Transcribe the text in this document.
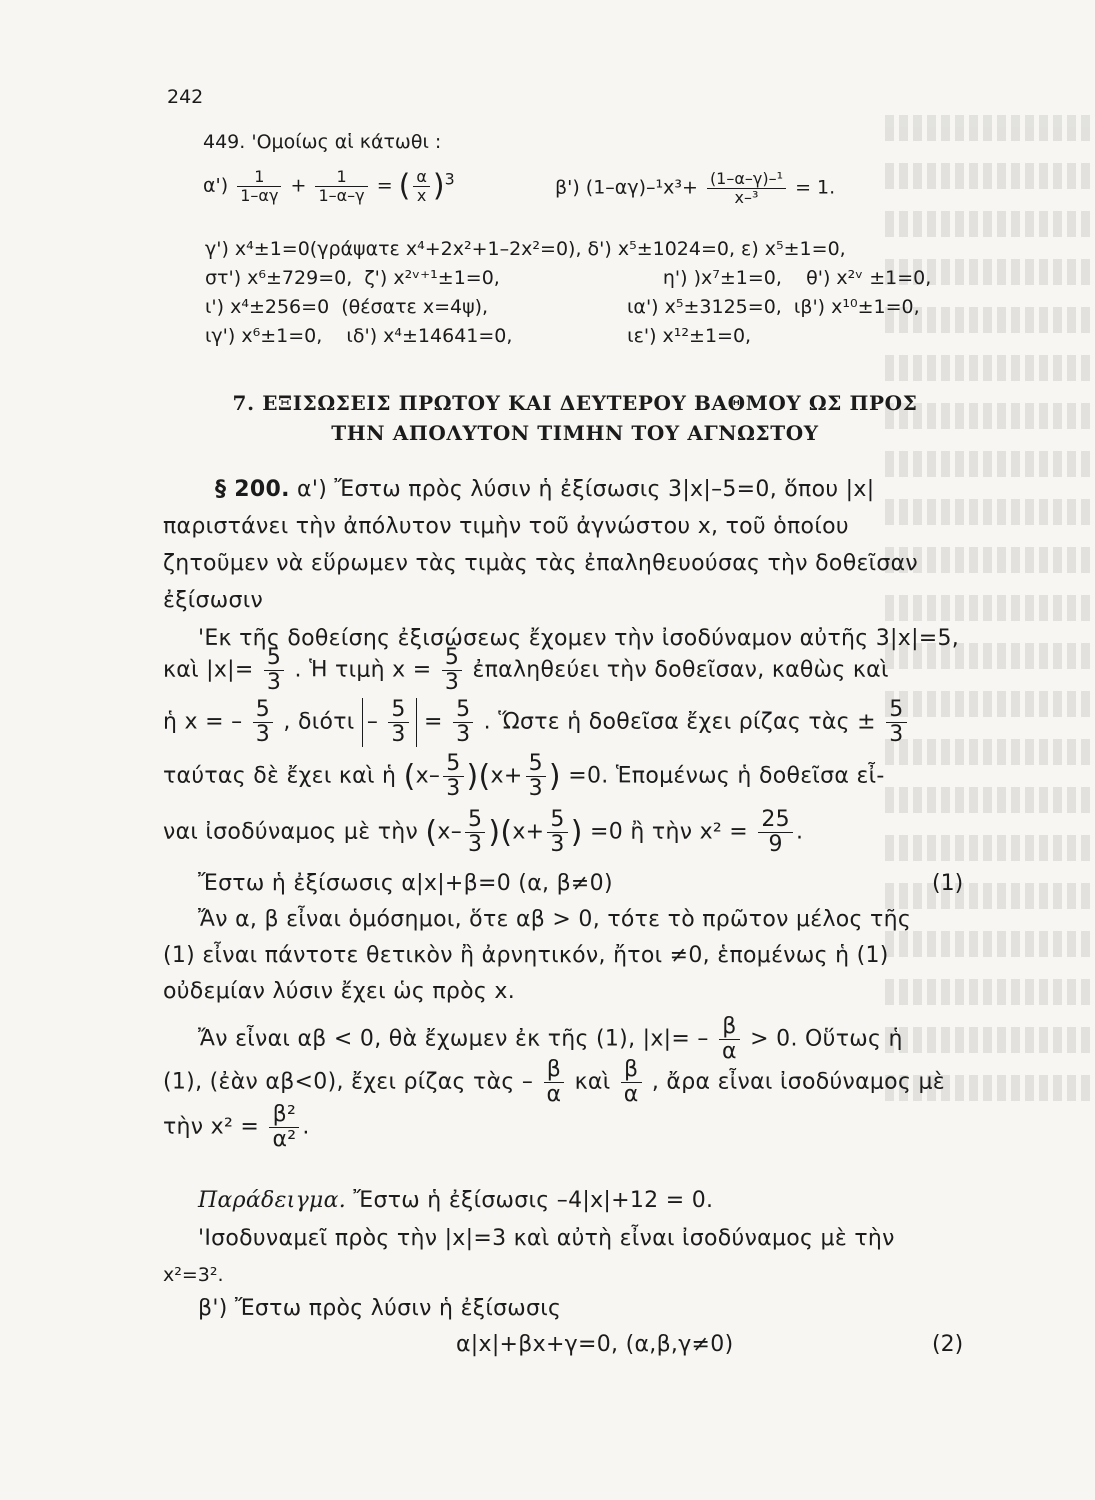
242
449. 'Ομοίως αἱ κάτωθι :
$\alpha') \frac{1}{1-\alpha\gamma} + \frac{1}{1-\alpha-\gamma}$ = ( $\frac{\alpha}{x} )^3$	β') $(1-\alpha\gamma)-^1x^3+ \frac{\text{(1–α–γ)–¹}}{\text{x–³}} = 1$.
γ') x⁴±1=0(γράψατε x⁴+2x²+1–2x²=0), δ') x⁵±1024=0, ε) x⁵±1=0,
στ') x⁶±729=0,  ζ') x²ᵛ⁺¹±1=0,                           η') )x⁷±1=0,    θ') x²ᵛ ±1=0,
ι') x⁴±256=0  (θέσατε x=4ψ),                       ια') x⁵±3125=0,  ιβ') x¹⁰±1=0,
ιγ') x⁶±1=0,    ιδ') x⁴±14641=0,                   ιε') x¹²±1=0,
7. ΕΞΙΣΩΣΕΙΣ ΠΡΩΤΟΥ ΚΑΙ ΔΕΥΤΕΡΟΥ ΒΑΘΜΟΥ ΩΣ ΠΡΟΣ
ΤΗΝ ΑΠΟΛΥΤΟΝ ΤΙΜΗΝ ΤΟΥ ΑΓΝΩΣΤΟΥ
§ 200. α') Ἔστω πρὸς λύσιν ἡ ἐξίσωσις 3|x|–5=0, ὅπου |x|
παριστάνει τὴν ἀπόλυτον τιμὴν τοῦ ἀγνώστου x, τοῦ ὁποίου
ζητοῦμεν νὰ εὕρωμεν τὰς τιμὰς τὰς ἐπαληθευούσας τὴν δοθεῖσαν
ἐξίσωσιν
'Εκ τῆς δοθείσης ἐξισώσεως ἔχομεν τὴν ἰσοδύναμον αὐτῆς 3|x|=5,
καὶ $|x|= \frac{5}{3}$ . Ἡ τιμὴ $x = \frac{5}{3}$ ἐπαληθεύει τὴν δοθεῖσαν, καθὼς καὶ
ἡ x = – $\frac{5}{3}$ , $\delta\iota ό\tau\iota - \frac{5}{3} = \frac{5}{3}$ . Ὥστε ἡ δοθεῖσα ἔχει ρίζας τὰς ± $\frac{5}{3}$
ταύτας δὲ ἔχει καὶ ἡ $(x- \frac{5}{3} )(x+ \frac{5}{3}$ ) =0. Ἑπομένως ἡ δοθεῖσα εἶ-
ναι ἰσοδύναμος μὲ τὴν $(x- \frac{5}{3} )(x+ \frac{5}{3}$ ) =0 ἢ τὴν $x^2 = \frac{25}{9}$ .
Ἔστω ἡ ἐξίσωσις α|x|+β=0 (α, β≠0)	(1)
Ἄν α, β εἶναι ὁμόσημοι, ὅτε αβ > 0, τότε τὸ πρῶτον μέλος τῆς
(1) εἶναι πάντοτε θετικὸν ἢ ἀρνητικόν, ἤτοι ≠0, ἑπομένως ἡ (1)
οὐδεμίαν λύσιν ἔχει ὡς πρὸς x.
Ἄν εἶναι αβ < 0, θὰ ἔχωμεν ἐκ τῆς (1), $|x|= - \frac{\beta}{\alpha} > 0$. Οὕτως ἡ
(1), (ἐὰν αβ<0), ἔχει ρίζας τὰς – $\frac{\beta}{\alpha}$ καὶ $\frac{\beta}{\alpha}$ , ἄρα εἶναι ἰσοδύναμος μὲ
τὴν $x^2 = \frac{\text{β²}}{\text{α²}}$ .
Παράδειγμα. Ἔστω ἡ ἐξίσωσις –4|x|+12 = 0.
'Ισοδυναμεῖ πρὸς τὴν |x|=3 καὶ αὐτὴ εἶναι ἰσοδύναμος μὲ τὴν
x²=3².
β') Ἔστω πρὸς λύσιν ἡ ἐξίσωσις
α|x|+βx+γ=0, (α,β,γ≠0)	(2)
